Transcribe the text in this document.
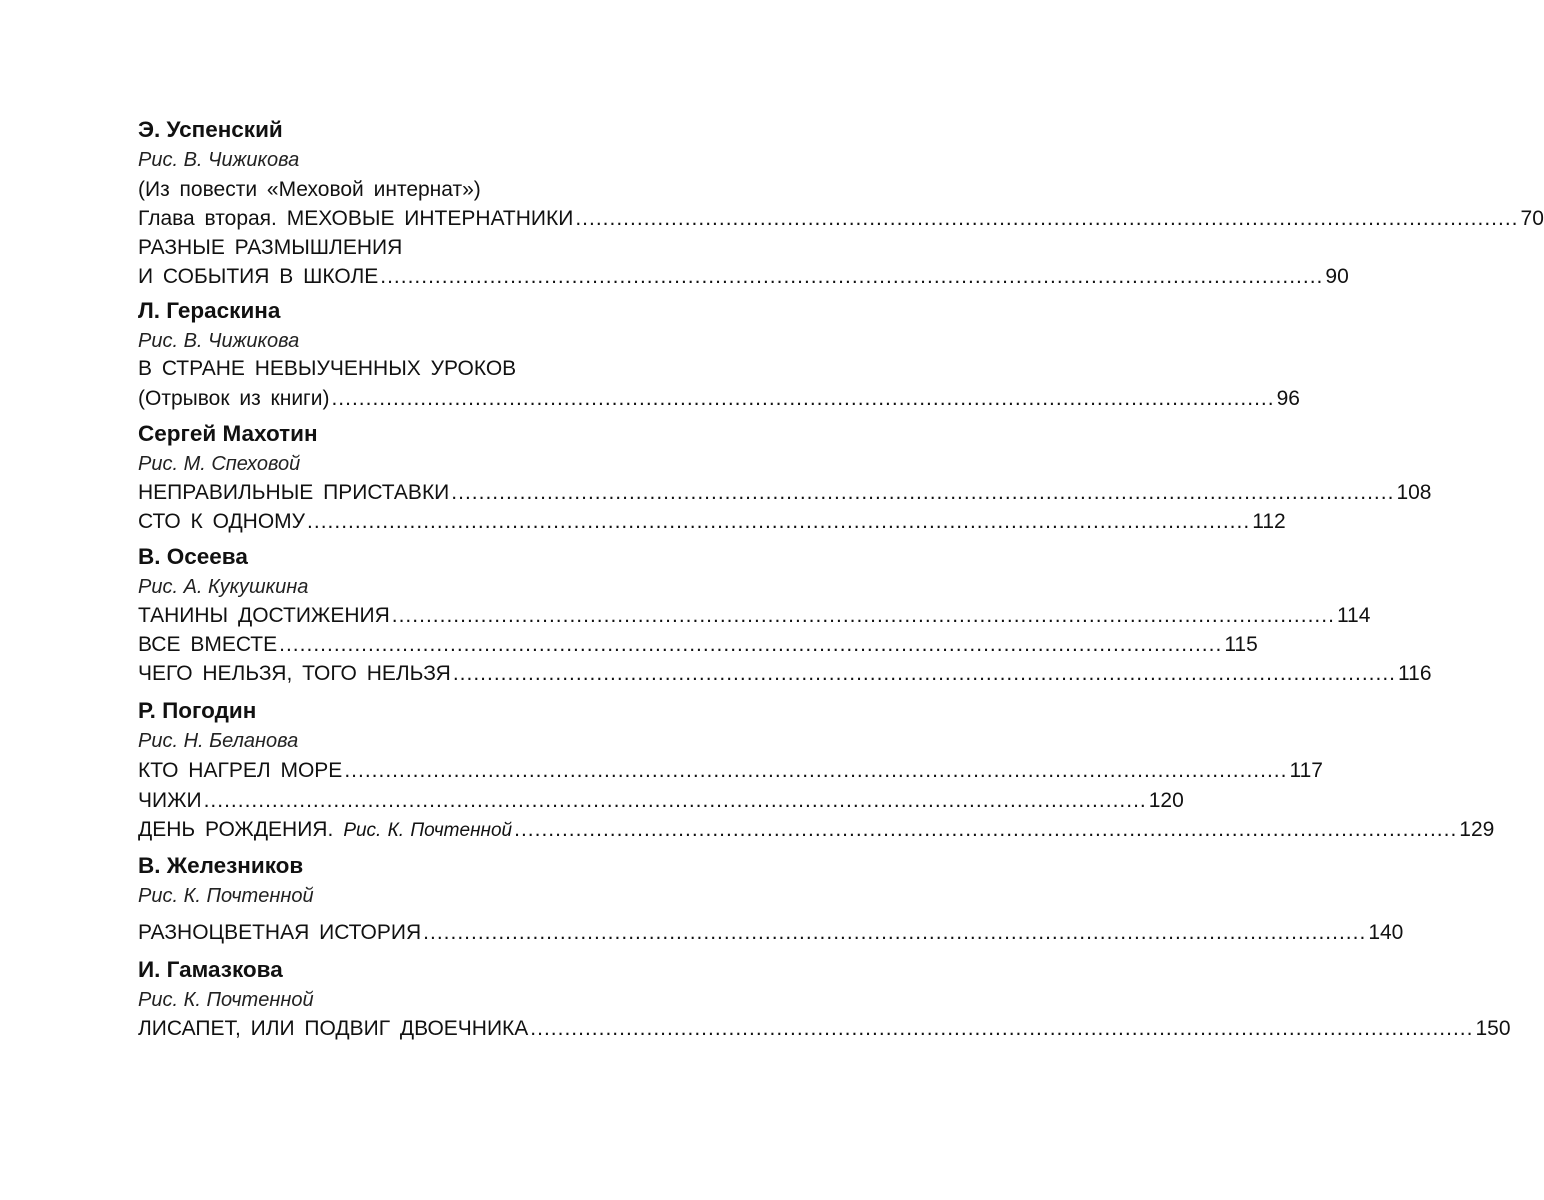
Э. Успенский
Рис. В. Чижикова
(Из повести «Меховой интернат»)
Глава вторая. МЕХОВЫЕ ИНТЕРНАТНИКИ .......................................................................................................................................... 70
РАЗНЫЕ РАЗМЫШЛЕНИЯ
И СОБЫТИЯ В ШКОЛЕ .......................................................................................................................................... 90
Л. Гераскина
Рис. В. Чижикова
В СТРАНЕ НЕВЫУЧЕННЫХ УРОКОВ
(Отрывок из книги) .......................................................................................................................................... 96
Сергей Махотин
Рис. М. Спеховой
НЕПРАВИЛЬНЫЕ ПРИСТАВКИ .......................................................................................................................................... 108
СТО К ОДНОМУ .......................................................................................................................................... 112
В. Осеева
Рис. А. Кукушкина
ТАНИНЫ ДОСТИЖЕНИЯ .......................................................................................................................................... 114
ВСЕ ВМЕСТЕ .......................................................................................................................................... 115
ЧЕГО НЕЛЬЗЯ, ТОГО НЕЛЬЗЯ .......................................................................................................................................... 116
Р. Погодин
Рис. Н. Беланова
КТО НАГРЕЛ МОРЕ .......................................................................................................................................... 117
ЧИЖИ .......................................................................................................................................... 120
ДЕНЬ РОЖДЕНИЯ. Рис. К. Почтенной .......................................................................................................................................... 129
В. Железников
Рис. К. Почтенной
РАЗНОЦВЕТНАЯ ИСТОРИЯ .......................................................................................................................................... 140
И. Гамазкова
Рис. К. Почтенной
ЛИСАПЕТ, ИЛИ ПОДВИГ ДВОЕЧНИКА .......................................................................................................................................... 150
